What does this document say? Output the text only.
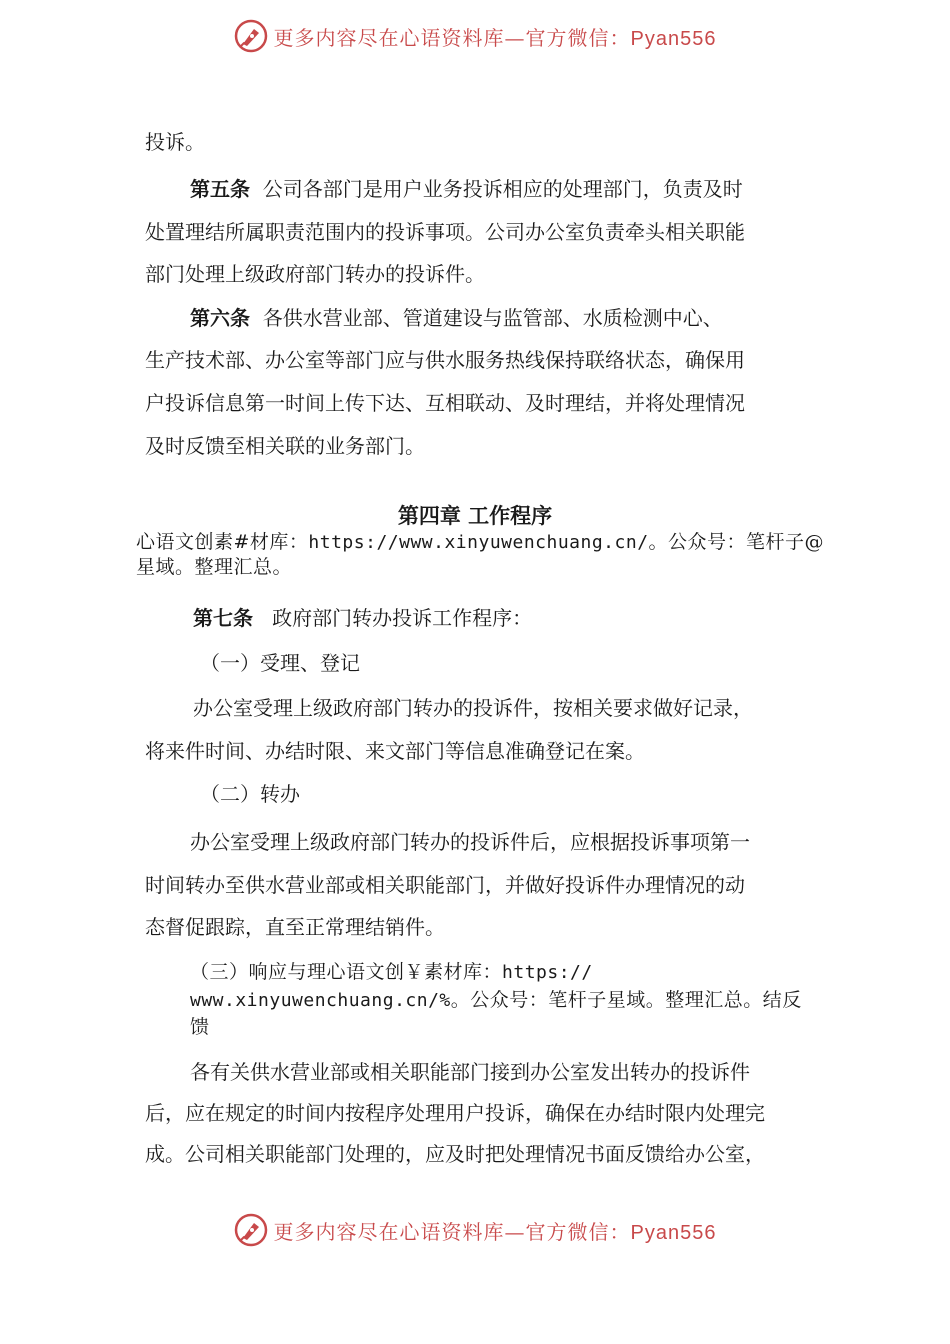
更多内容尽在心语资料库—官方微信：Pyan556
投诉。
第五条 公司各部门是用户业务投诉相应的处理部门，负责及时
处置理结所属职责范围内的投诉事项。公司办公室负责牵头相关职能
部门处理上级政府部门转办的投诉件。
第六条 各供水营业部、管道建设与监管部、水质检测中心、
生产技术部、办公室等部门应与供水服务热线保持联络状态，确保用
户投诉信息第一时间上传下达、互相联动、及时理结，并将处理情况
及时反馈至相关联的业务部门。
第四章 工作程序
心语文创素#材库：https://www.xinyuwenchuang.cn/。公众号：笔杆子@
星域。整理汇总。
第七条 政府部门转办投诉工作程序：
（一）受理、登记
办公室受理上级政府部门转办的投诉件，按相关要求做好记录，
将来件时间、办结时限、来文部门等信息准确登记在案。
（二）转办
办公室受理上级政府部门转办的投诉件后，应根据投诉事项第一
时间转办至供水营业部或相关职能部门，并做好投诉件办理情况的动
态督促跟踪，直至正常理结销件。
（三）响应与理心语文创￥素材库：https://
www.xinyuwenchuang.cn/%。公众号：笔杆子星域。整理汇总。结反
馈
各有关供水营业部或相关职能部门接到办公室发出转办的投诉件
后，应在规定的时间内按程序处理用户投诉，确保在办结时限内处理完
成。公司相关职能部门处理的，应及时把处理情况书面反馈给办公室，
更多内容尽在心语资料库—官方微信：Pyan556
